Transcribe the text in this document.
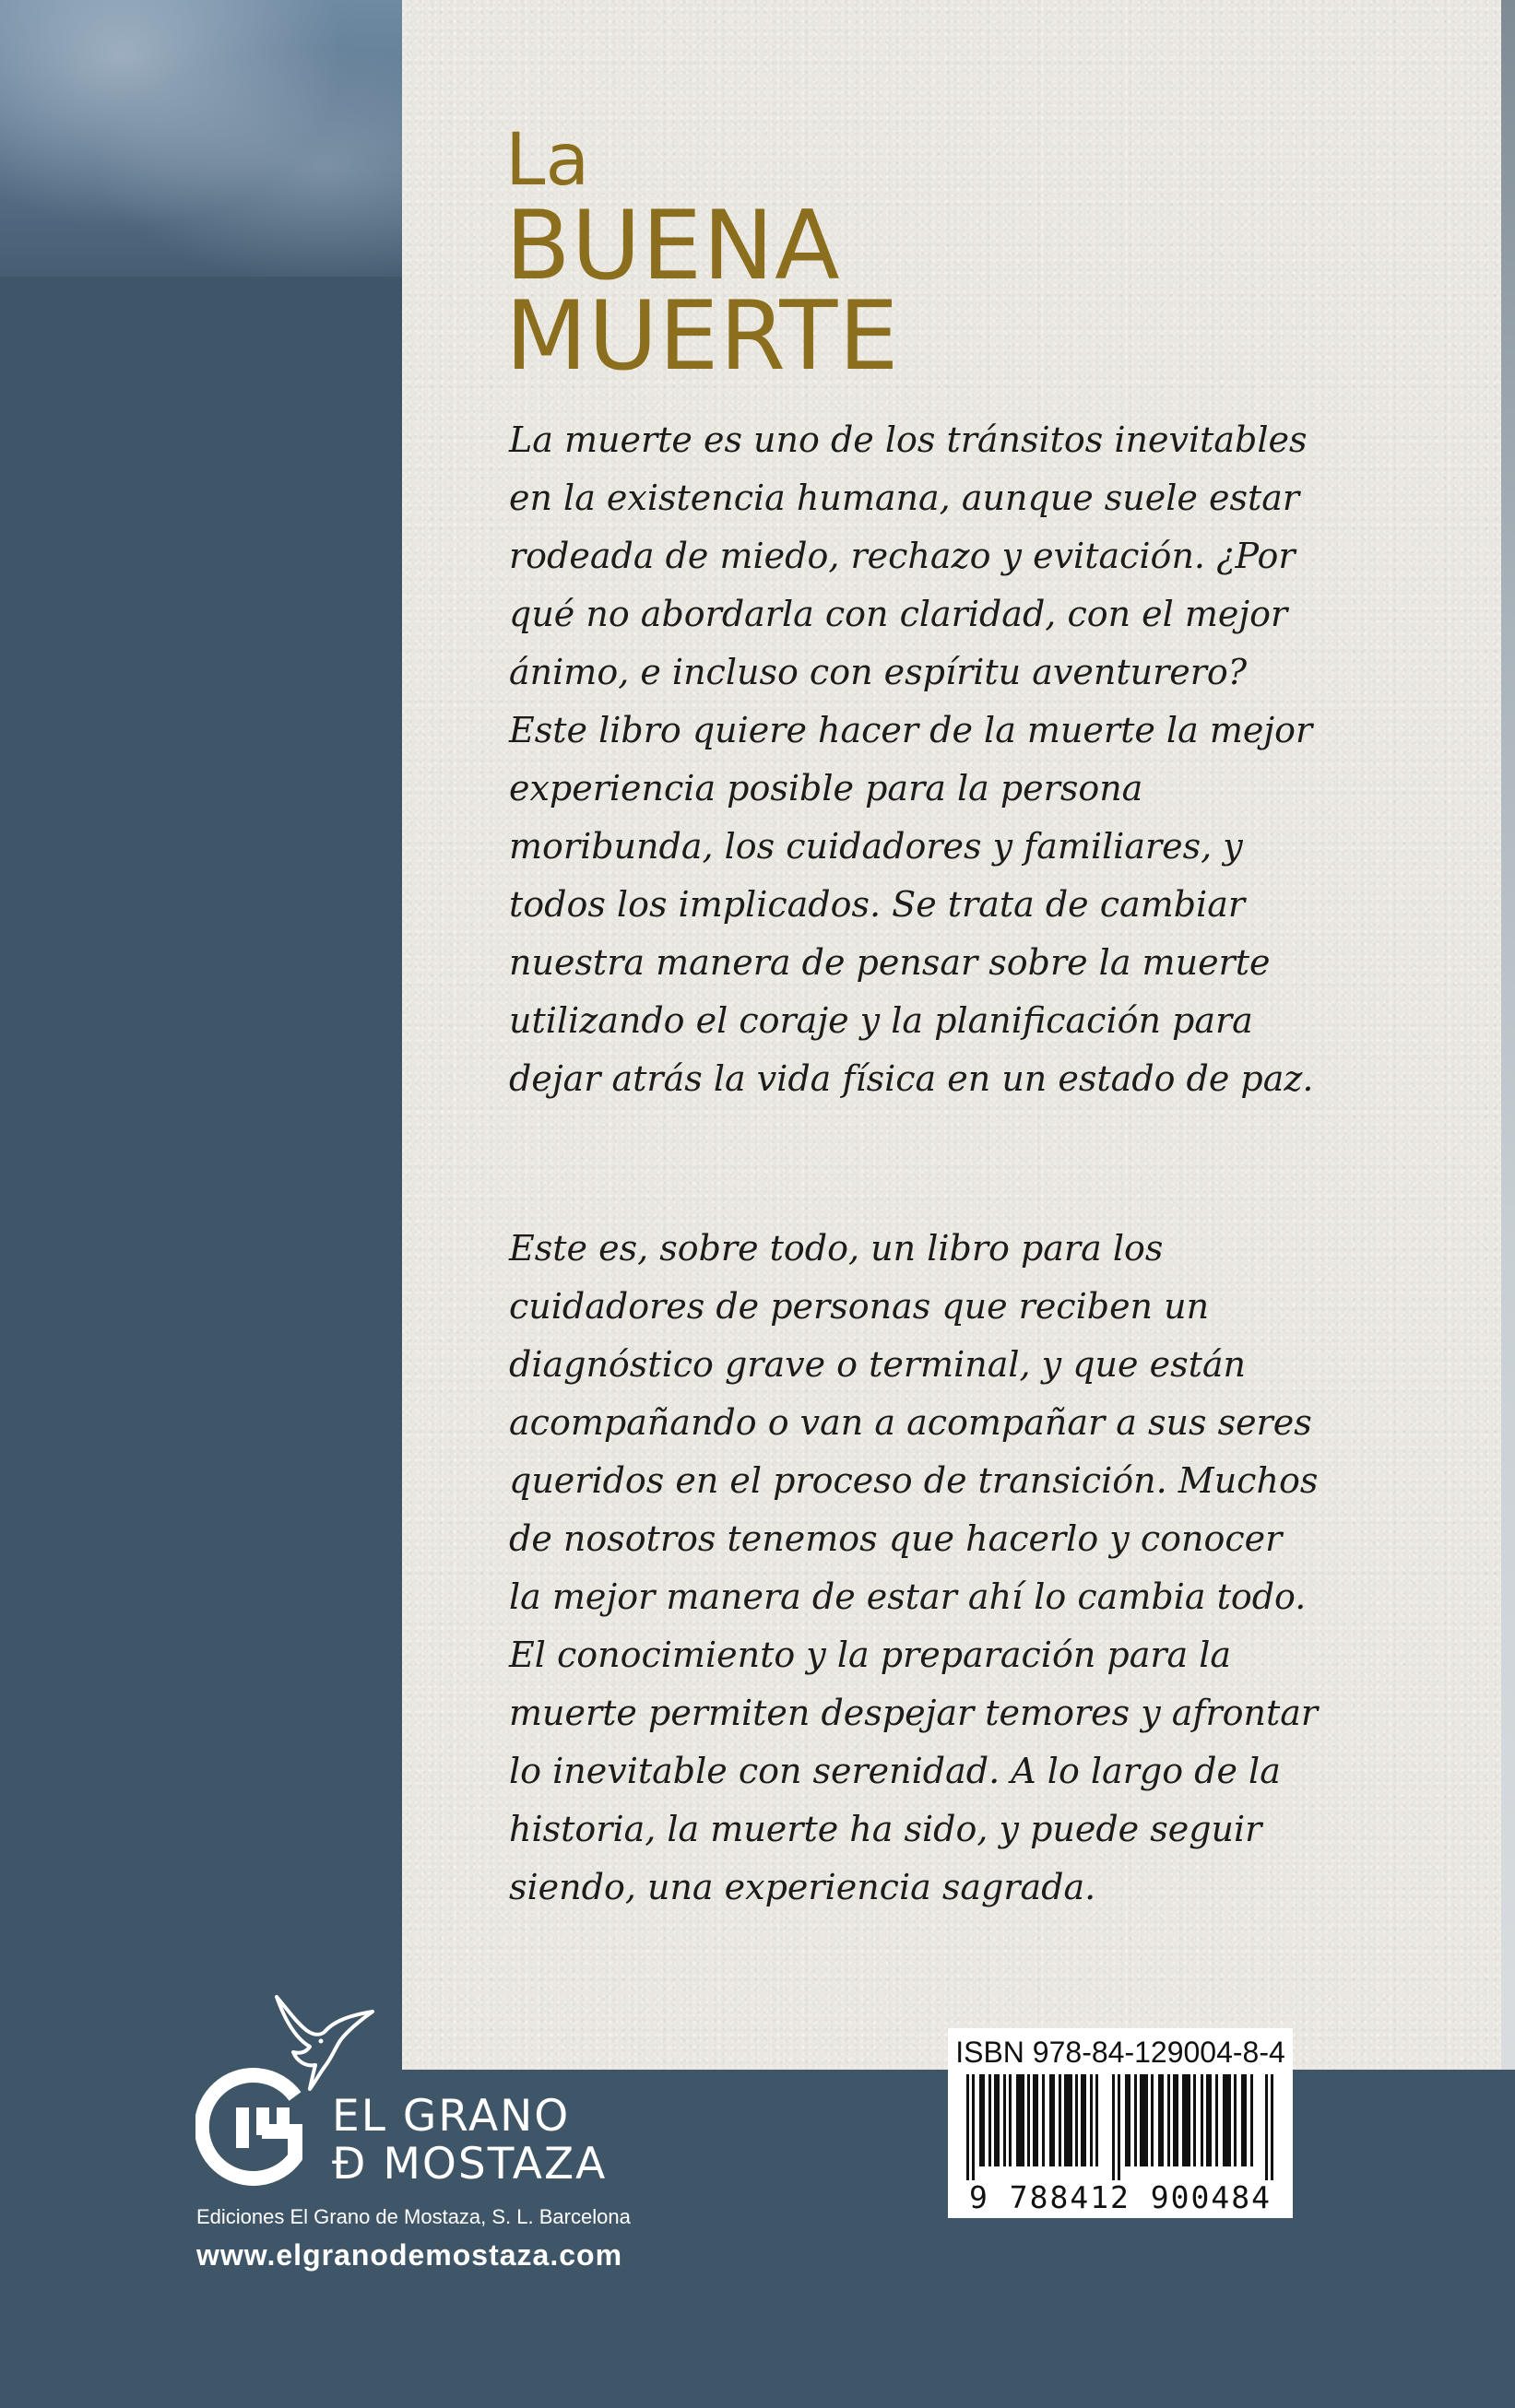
La
BUENA
MUERTE

La muerte es uno de los tránsitos inevitables en la existencia humana, aunque suele estar rodeada de miedo, rechazo y evitación. ¿Por qué no abordarla con claridad, con el mejor ánimo, e incluso con espíritu aventurero? Este libro quiere hacer de la muerte la mejor experiencia posible para la persona moribunda, los cuidadores y familiares, y todos los implicados. Se trata de cambiar nuestra manera de pensar sobre la muerte utilizando el coraje y la planificación para dejar atrás la vida física en un estado de paz.

Este es, sobre todo, un libro para los cuidadores de personas que reciben un diagnóstico grave o terminal, y que están acompañando o van a acompañar a sus seres queridos en el proceso de transición. Muchos de nosotros tenemos que hacerlo y conocer la mejor manera de estar ahí lo cambia todo. El conocimiento y la preparación para la muerte permiten despejar temores y afrontar lo inevitable con serenidad. A lo largo de la historia, la muerte ha sido, y puede seguir siendo, una experiencia sagrada.

EL GRANO
Đ MOSTAZA
Ediciones El Grano de Mostaza, S. L. Barcelona
www.elgranodemostaza.com
ISBN 978-84-129004-8-4
9 788412 900484
